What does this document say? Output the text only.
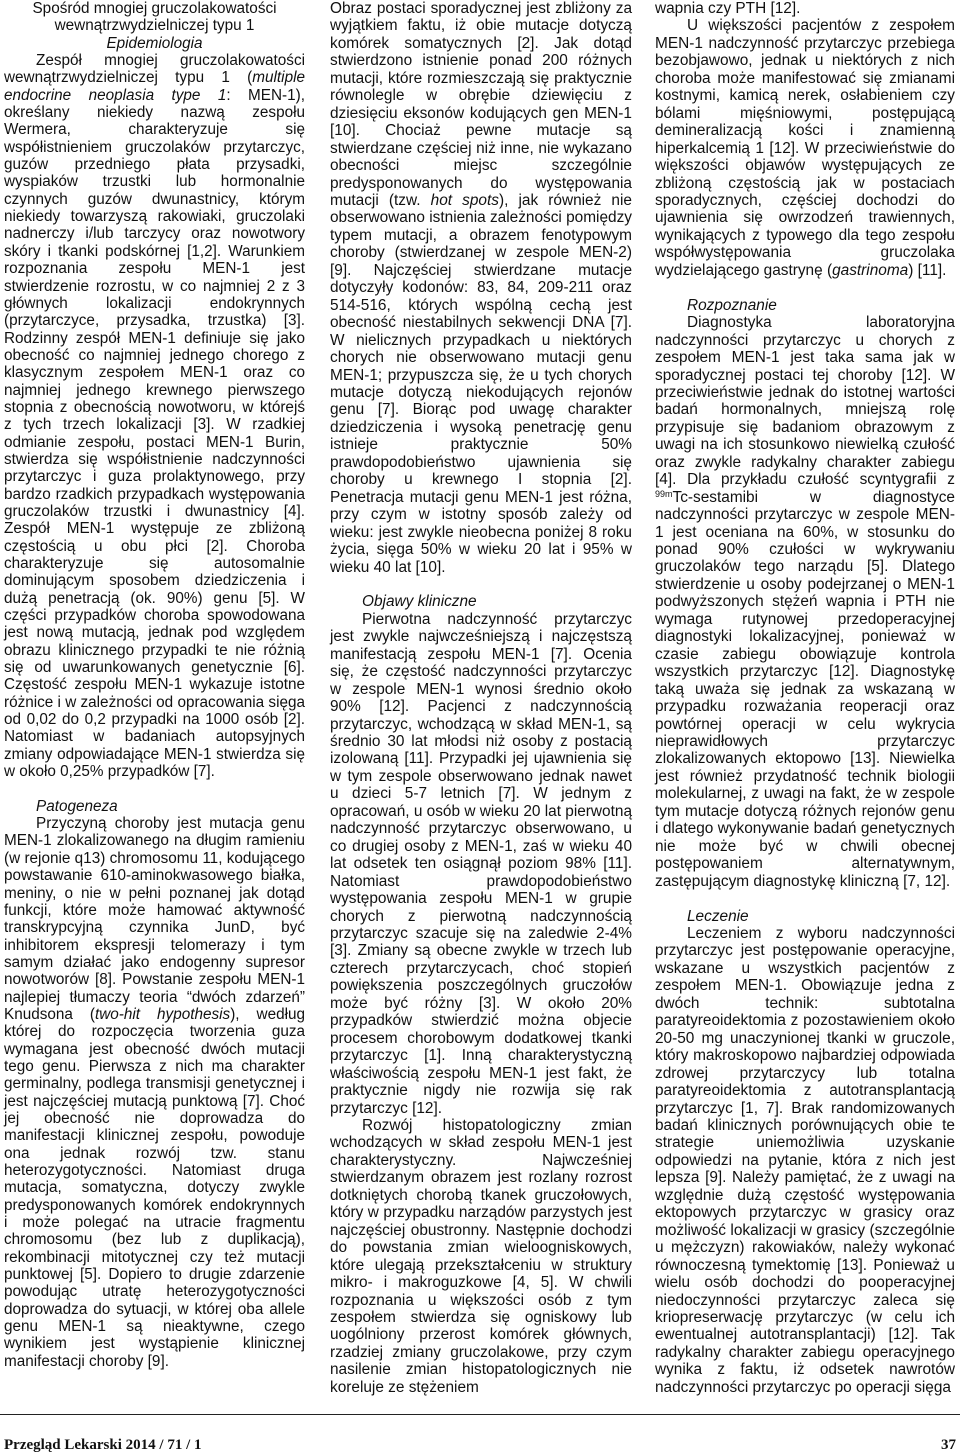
Spośród mnogiej gruczolakowatości wewnątrzwydzielniczej typu 1

Epidemiologia

Zespół mnogiej gruczolakowatości wewnątrzwydzielniczej typu 1 (multiple endocrine neoplasia type 1: MEN-1), określany niekiedy nazwą zespołu Wermera, charakteryzuje się współistnieniem gruczolaków przytarczyc, guzów przedniego płata przysadki, wyspiaków trzustki lub hormonalnie czynnych guzów dwunastnicy, którym niekiedy towarzyszą rakowiaki, gruczolaki nadnerczy i/lub tarczycy oraz nowotwory skóry i tkanki podskórnej [1,2]. Warunkiem rozpoznania zespołu MEN-1 jest stwierdzenie rozrostu, w co najmniej 2 z 3 głównych lokalizacji endokrynnych (przytarczyce, przysadka, trzustka) [3]. Rodzinny zespół MEN-1 definiuje się jako obecność co najmniej jednego chorego z klasycznym zespołem MEN-1 oraz co najmniej jednego krewnego pierwszego stopnia z obecnością nowotworu, w którejś z tych trzech lokalizacji [3]. W rzadkiej odmianie zespołu, postaci MEN-1 Burin, stwierdza się współistnienie nadczynności przytarczyc i guza prolaktynowego, przy bardzo rzadkich przypadkach występowania gruczolaków trzustki i dwunastnicy [4]. Zespół MEN-1 występuje ze zbliżoną częstością u obu płci [2]. Choroba charakteryzuje się autosomalnie dominującym sposobem dziedziczenia i dużą penetracją (ok. 90%) genu [5]. W części przypadków choroba spowodowana jest nową mutacją, jednak pod względem obrazu klinicznego przypadki te nie różnią się od uwarunkowanych genetycznie [6]. Częstość zespołu MEN-1 wykazuje istotne różnice i w zależności od opracowania sięga od 0,02 do 0,2 przypadki na 1000 osób [2]. Natomiast w badaniach autopsyjnych zmiany odpowiadające MEN-1 stwierdza się w około 0,25% przypadków [7].

Patogeneza

Przyczyną choroby jest mutacja genu MEN-1 zlokalizowanego na długim ramieniu (w rejonie q13) chromosomu 11, kodującego powstawanie 610-aminokwasowego białka, meniny, o nie w pełni poznanej jak dotąd funkcji, które może hamować aktywność transkrypcyjną czynnika JunD, być inhibitorem ekspresji telomerazy i tym samym działać jako endogenny supresor nowotworów [8]. Powstanie zespołu MEN-1 najlepiej tłumaczy teoria “dwóch zdarzeń” Knudsona (two-hit hypothesis), według której do rozpoczęcia tworzenia guza wymagana jest obecność dwóch mutacji tego genu. Pierwsza z nich ma charakter germinalny, podlega transmisji genetycznej i jest najczęściej mutacją punktową [7]. Choć jej obecność nie doprowadza do manifestacji klinicznej zespołu, powoduje ona jednak rozwój tzw. stanu heterozygotyczności. Natomiast druga mutacja, somatyczna, dotyczy zwykle predysponowanych komórek endokrynnych i może polegać na utracie fragmentu chromosomu (bez lub z duplikacją), rekombinacji mitotycznej czy też mutacji punktowej [5]. Dopiero to drugie zdarzenie powodując utratę heterozygotyczności doprowadza do sytuacji, w której oba allele genu MEN-1 są nieaktywne, czego wynikiem jest wystąpienie klinicznej manifestacji choroby [9].

Obraz postaci sporadycznej jest zbliżony za wyjątkiem faktu, iż obie mutacje dotyczą komórek somatycznych [2]. Jak dotąd stwierdzono istnienie ponad 200 różnych mutacji, które rozmieszczają się praktycznie równolegle w obrębie dziewięciu z dziesięciu eksonów kodujących gen MEN-1 [10]. Chociaż pewne mutacje są stwierdzane częściej niż inne, nie wykazano obecności miejsc szczególnie predysponowanych do występowania mutacji (tzw. hot spots), jak również nie obserwowano istnienia zależności pomiędzy typem mutacji, a obrazem fenotypowym choroby (stwierdzanej w zespole MEN-2) [9]. Najczęściej stwierdzane mutacje dotyczyły kodonów: 83, 84, 209-211 oraz 514-516, których wspólną cechą jest obecność niestabilnych sekwencji DNA [7]. W nielicznych przypadkach u niektórych chorych nie obserwowano mutacji genu MEN-1; przypuszcza się, że u tych chorych mutacje dotyczą niekodujących rejonów genu [7]. Biorąc pod uwagę charakter dziedziczenia i wysoką penetrację genu istnieje praktycznie 50% prawdopodobieństwo ujawnienia się choroby u krewnego I stopnia [2]. Penetracja mutacji genu MEN-1 jest różna, przy czym w istotny sposób zależy od wieku: jest zwykle nieobecna poniżej 8 roku życia, sięga 50% w wieku 20 lat i 95% w wieku 40 lat [10].

Objawy kliniczne

Pierwotna nadczynność przytarczyc jest zwykle najwcześniejszą i najczęstszą manifestacją zespołu MEN-1 [7]. Ocenia się, że częstość nadczynności przytarczyc w zespole MEN-1 wynosi średnio około 90% [12]. Pacjenci z nadczynnością przytarczyc, wchodzącą w skład MEN-1, są średnio 30 lat młodsi niż osoby z postacią izolowaną [11]. Przypadki jej ujawnienia się w tym zespole obserwowano jednak nawet u dzieci 5-7 letnich [7]. W jednym z opracowań, u osób w wieku 20 lat pierwotną nadczynność przytarczyc obserwowano, u co drugiej osoby z MEN-1, zaś w wieku 40 lat odsetek ten osiągnął poziom 98% [11]. Natomiast prawdopodobieństwo występowania zespołu MEN-1 w grupie chorych z pierwotną nadczynnością przytarczyc szacuje się na zaledwie 2-4% [3]. Zmiany są obecne zwykle w trzech lub czterech przytarczycach, choć stopień powiększenia poszczególnych gruczołów może być różny [3]. W około 20% przypadków stwierdzić można objecie procesem chorobowym dodatkowej tkanki przytarczyc [1]. Inną charakterystyczną właściwością zespołu MEN-1 jest fakt, że praktycznie nigdy nie rozwija się rak przytarczyc [12].

Rozwój histopatologiczny zmian wchodzących w skład zespołu MEN-1 jest charakterystyczny. Najwcześniej stwierdzanym obrazem jest rozlany rozrost dotkniętych chorobą tkanek gruczołowych, który w przypadku narządów parzystych jest najczęściej obustronny. Następnie dochodzi do powstania zmian wieloogniskowych, które ulegają przekształceniu w struktury mikro- i makroguzkowe [4, 5]. W chwili rozpoznania u większości osób z tym zespołem stwierdza się ogniskowy lub uogólniony przerost komórek głównych, rzadziej zmiany gruczolakowe, przy czym nasilenie zmian histopatologicznych nie koreluje ze stężeniem

wapnia czy PTH [12].

U większości pacjentów z zespołem MEN-1 nadczynność przytarczyc przebiega bezobjawowo, jednak u niektórych z nich choroba może manifestować się zmianami kostnymi, kamicą nerek, osłabieniem czy bólami mięśniowymi, postępującą demineralizacją kości i znamienną hiperkalcemią 1 [12]. W przeciwieństwie do większości objawów występujących ze zbliżoną częstością jak w postaciach sporadycznych, częściej dochodzi do ujawnienia się owrzodzeń trawiennych, wynikających z typowego dla tego zespołu współwystępowania gruczolaka wydzielającego gastrynę (gastrinoma) [11].

Rozpoznanie

Diagnostyka laboratoryjna nadczynności przytarczyc u chorych z zespołem MEN-1 jest taka sama jak w sporadycznej postaci tej choroby [12]. W przeciwieństwie jednak do istotnej wartości badań hormonalnych, mniejszą rolę przypisuje się badaniom obrazowym z uwagi na ich stosunkowo niewielką czułość oraz zwykle radykalny charakter zabiegu [4]. Dla przykładu czułość scyntygrafii z $^{99m}$Tc-sestamibi w diagnostyce nadczynności przytarczyc w zespole MEN-1 jest oceniana na 60%, w stosunku do ponad 90% czułości w wykrywaniu gruczolaków tego narządu [5]. Dlatego stwierdzenie u osoby podejrzanej o MEN-1 podwyższonych stężeń wapnia i PTH nie wymaga rutynowej przedoperacyjnej diagnostyki lokalizacyjnej, ponieważ w czasie zabiegu obowiązuje kontrola wszystkich przytarczyc [12]. Diagnostykę taką uważa się jednak za wskazaną w przypadku rozważania reoperacji oraz powtórnej operacji w celu wykrycia nieprawidłowych przytarczyc zlokalizowanych ektopowo [13]. Niewielka jest również przydatność technik biologii molekularnej, z uwagi na fakt, że w zespole tym mutacje dotyczą różnych rejonów genu i dlatego wykonywanie badań genetycznych nie może być w chwili obecnej postępowaniem alternatywnym, zastępującym diagnostykę kliniczną [7, 12].

Leczenie

Leczeniem z wyboru nadczynności przytarczyc jest postępowanie operacyjne, wskazane u wszystkich pacjentów z zespołem MEN-1. Obowiązuje jedna z dwóch technik: subtotalna paratyreoidektomia z pozostawieniem około 20-50 mg unaczynionej tkanki w gruczole, który makroskopowo najbardziej odpowiada zdrowej przytarczycy lub totalna paratyreoidektomia z autotransplantacją przytarczyc [1, 7]. Brak randomizowanych badań klinicznych porównujących obie te strategie uniemożliwia uzyskanie odpowiedzi na pytanie, która z nich jest lepsza [9]. Należy pamiętać, że z uwagi na względnie dużą częstość występowania ektopowych przytarczyc w grasicy oraz możliwość lokalizacji w grasicy (szczególnie u mężczyzn) rakowiaków, należy wykonać równoczesną tymektomię [13]. Ponieważ u wielu osób dochodzi do pooperacyjnej niedoczynności przytarczyc zaleca się kriopreserwację przytarczyc (w celu ich ewentualnej autotransplantacji) [12]. Tak radykalny charakter zabiegu operacyjnego wynika z faktu, iż odsetek nawrotów nadczynności przytarczyc po operacji sięga

Przegląd Lekarski 2014 / 71 / 1	37
